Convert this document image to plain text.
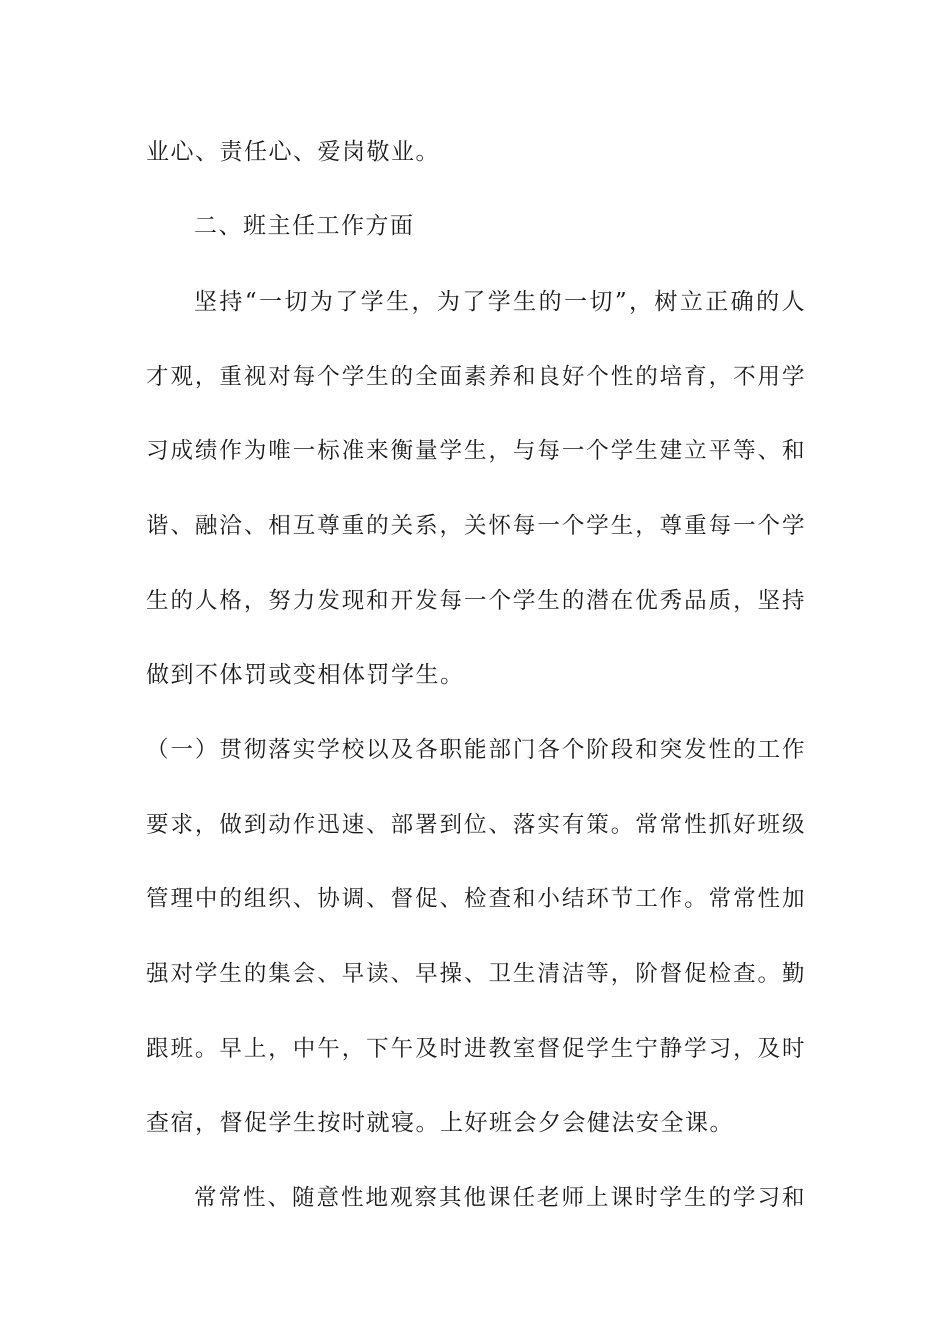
业心、责任心、爱岗敬业。
二、班主任工作方面
坚持“一切为了学生，为了学生的一切”，树立正确的人
才观，重视对每个学生的全面素养和良好个性的培育，不用学
习成绩作为唯一标准来衡量学生，与每一个学生建立平等、和
谐、融洽、相互尊重的关系，关怀每一个学生，尊重每一个学
生的人格，努力发现和开发每一个学生的潜在优秀品质，坚持
做到不体罚或变相体罚学生。
（一）贯彻落实学校以及各职能部门各个阶段和突发性的工作
要求，做到动作迅速、部署到位、落实有策。常常性抓好班级
管理中的组织、协调、督促、检查和小结环节工作。常常性加
强对学生的集会、早读、早操、卫生清洁等，阶督促检查。勤
跟班。早上，中午，下午及时进教室督促学生宁静学习，及时
查宿，督促学生按时就寝。上好班会夕会健法安全课。
常常性、随意性地观察其他课任老师上课时学生的学习和
